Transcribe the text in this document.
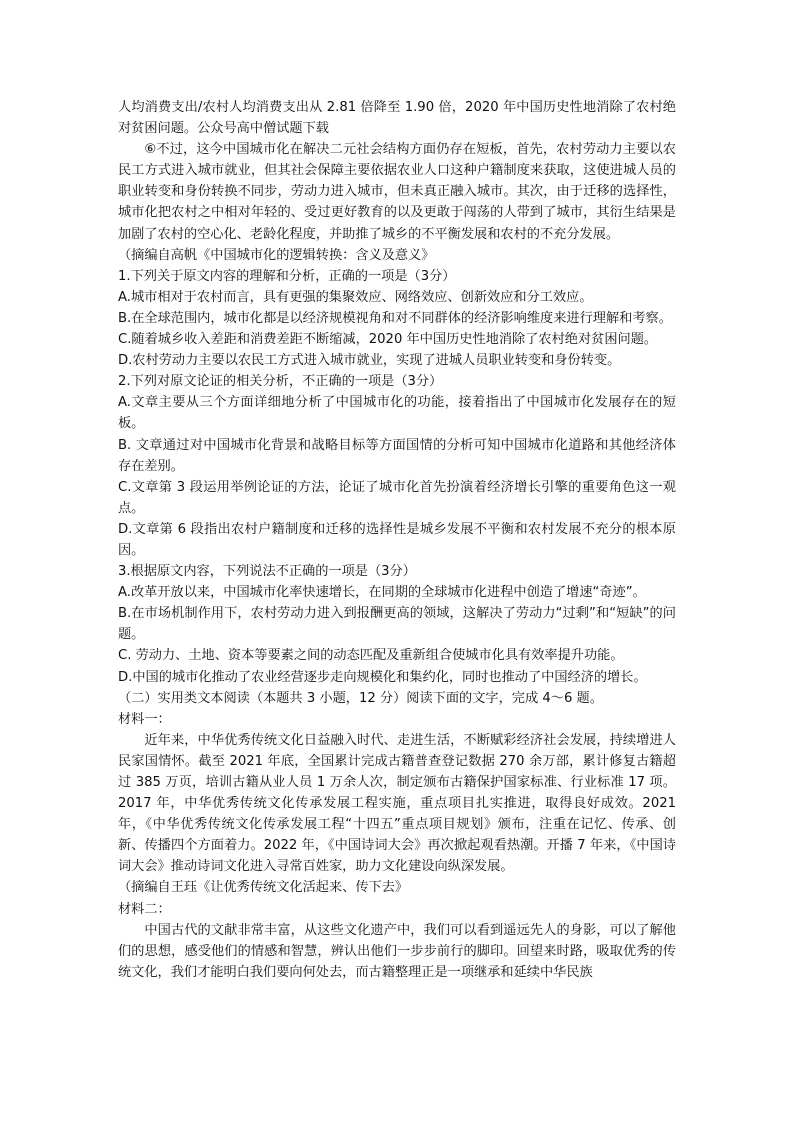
人均消费支出/农村人均消费支出从 2.81 倍降至 1.90 倍，2020 年中国历史性地消除了农村绝对贫困问题。公众号高中僧试题下载

⑥不过，这今中国城市化在解决二元社会结构方面仍存在短板，首先，农村劳动力主要以农民工方式进入城市就业，但其社会保障主要依据农业人口这种户籍制度来获取，这使进城人员的职业转变和身份转换不同步，劳动力进入城市，但未真正融入城市。其次，由于迁移的选择性，城市化把农村之中相对年轻的、受过更好教育的以及更敢于闯荡的人带到了城市，其衍生结果是加剧了农村的空心化、老龄化程度，并助推了城乡的不平衡发展和农村的不充分发展。

（摘编自高帆《中国城市化的逻辑转换：含义及意义》

1.下列关于原文内容的理解和分析，正确的一项是（3分）

A.城市相对于农村而言，具有更强的集聚效应、网络效应、创新效应和分工效应。

B.在全球范围内，城市化都是以经济规模视角和对不同群体的经济影响维度来进行理解和考察。

C.随着城乡收入差距和消费差距不断缩减，2020 年中国历史性地消除了农村绝对贫困问题。

D.农村劳动力主要以农民工方式进入城市就业，实现了进城人员职业转变和身份转变。

2.下列对原文论证的相关分析，不正确的一项是（3分）

A.文章主要从三个方面详细地分析了中国城市化的功能，接着指出了中国城市化发展存在的短板。

B. 文章通过对中国城市化背景和战略目标等方面国情的分析可知中国城市化道路和其他经济体存在差别。

C.文章第 3 段运用举例论证的方法，论证了城市化首先扮演着经济增长引擎的重要角色这一观点。

D.文章第 6 段指出农村户籍制度和迁移的选择性是城乡发展不平衡和农村发展不充分的根本原因。

3.根据原文内容，下列说法不正确的一项是（3分）

A.改革开放以来，中国城市化率快速增长，在同期的全球城市化进程中创造了增速“奇迹”。

B.在市场机制作用下，农村劳动力进入到报酬更高的领域，这解决了劳动力“过剩”和“短缺”的问题。

C. 劳动力、土地、资本等要素之间的动态匹配及重新组合使城市化具有效率提升功能。

D.中国的城市化推动了农业经营逐步走向规模化和集约化，同时也推动了中国经济的增长。

（二）实用类文本阅读（本题共 3 小题，12 分）阅读下面的文字，完成 4～6 题。

材料一：

近年来，中华优秀传统文化日益融入时代、走进生活，不断赋彩经济社会发展，持续增进人民家国情怀。截至 2021 年底，全国累计完成古籍普查登记数据 270 余万部，累计修复古籍超过 385 万页，培训古籍从业人员 1 万余人次，制定颁布古籍保护国家标准、行业标准 17 项。2017 年，中华优秀传统文化传承发展工程实施，重点项目扎实推进，取得良好成效。2021 年，《中华优秀传统文化传承发展工程“十四五”重点项目规划》颁布，注重在记忆、传承、创新、传播四个方面着力。2022 年，《中国诗词大会》再次掀起观看热潮。开播 7 年来，《中国诗词大会》推动诗词文化进入寻常百姓家，助力文化建设向纵深发展。

（摘编自王珏《让优秀传统文化活起来、传下去》

材料二：

中国古代的文献非常丰富，从这些文化遗产中，我们可以看到遥远先人的身影，可以了解他们的思想，感受他们的情感和智慧，辨认出他们一步步前行的脚印。回望来时路，吸取优秀的传统文化，我们才能明白我们要向何处去，而古籍整理正是一项继承和延续中华民族
